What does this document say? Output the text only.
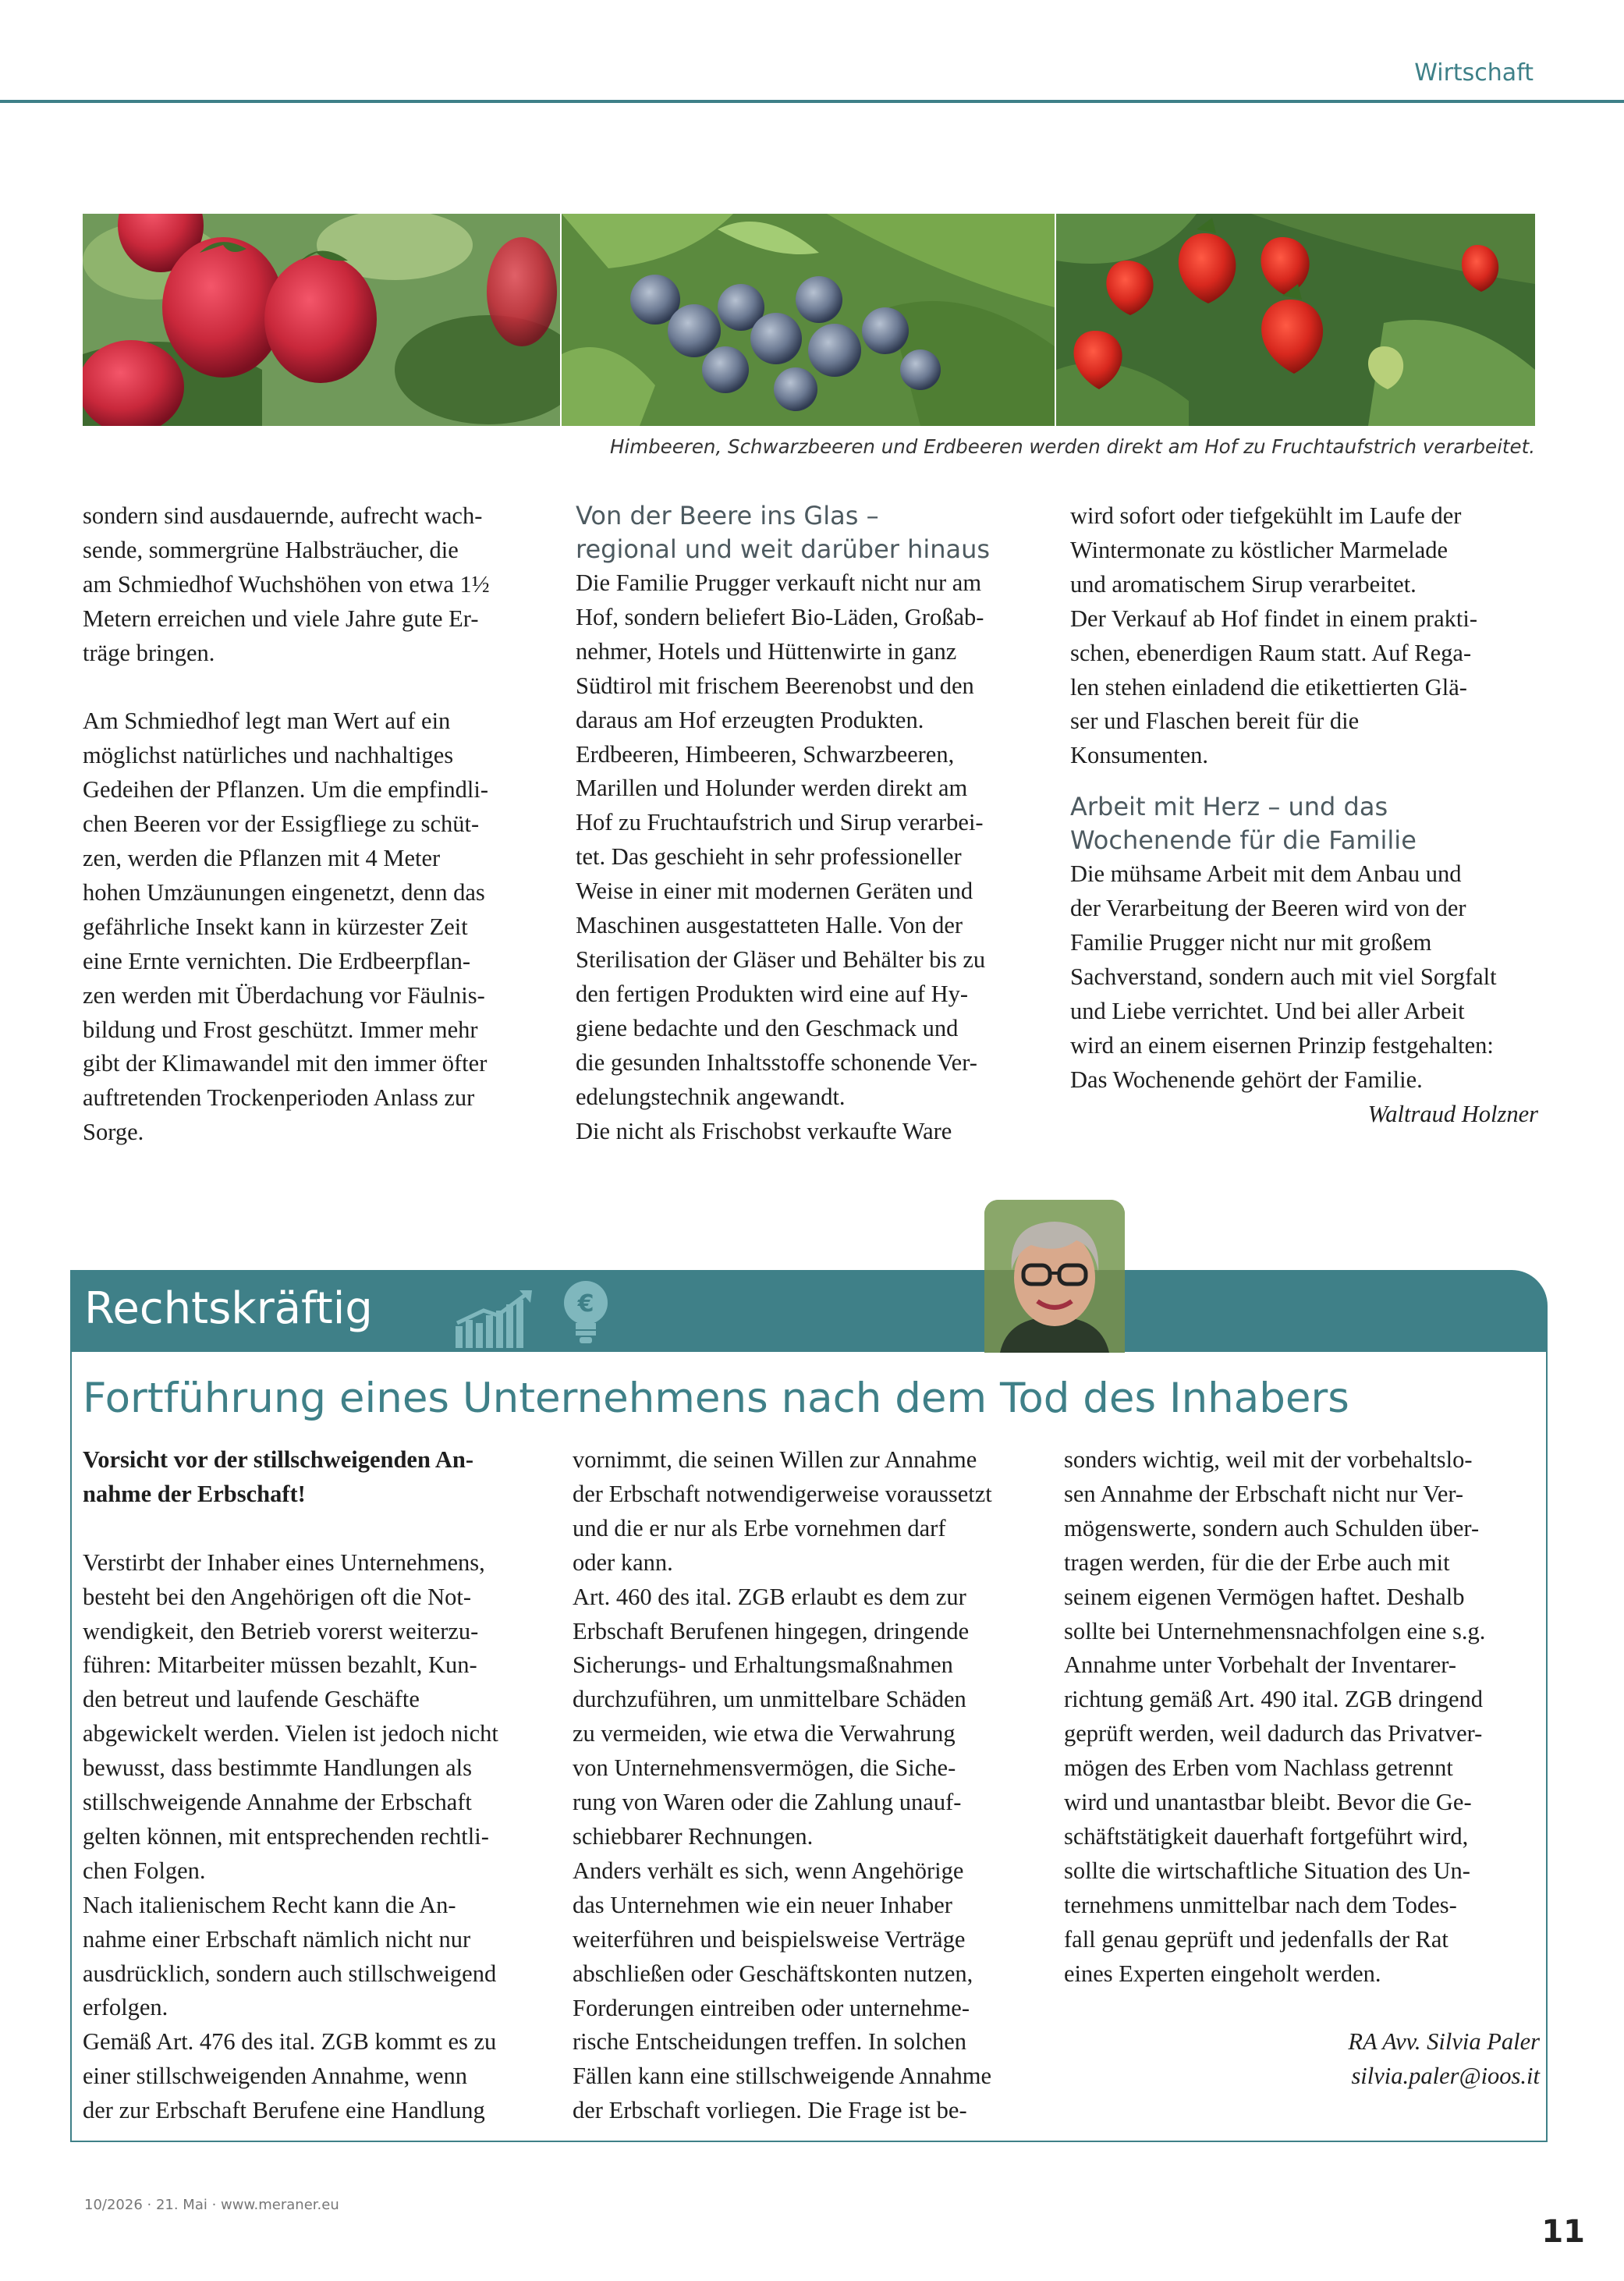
Wirtschaft
Himbeeren, Schwarzbeeren und Erdbeeren werden direkt am Hof zu Fruchtaufstrich verarbeitet.

sondern sind ausdauernde, aufrecht wach-

sende, sommergrüne Halbsträucher, die

am Schmiedhof Wuchshöhen von etwa 1½

Metern erreichen und viele Jahre gute Er-

träge bringen.

Am Schmiedhof legt man Wert auf ein

möglichst natürliches und nachhaltiges

Gedeihen der Pflanzen. Um die empfindli-

chen Beeren vor der Essigfliege zu schüt-

zen, werden die Pflanzen mit 4 Meter

hohen Umzäunungen eingenetzt, denn das

gefährliche Insekt kann in kürzester Zeit

eine Ernte vernichten. Die Erdbeerpflan-

zen werden mit Überdachung vor Fäulnis-

bildung und Frost geschützt. Immer mehr

gibt der Klimawandel mit den immer öfter

auftretenden Trockenperioden Anlass zur

Sorge.

Von der Beere ins Glas –
regional und weit darüber hinaus

Die Familie Prugger verkauft nicht nur am

Hof, sondern beliefert Bio-Läden, Großab-

nehmer, Hotels und Hüttenwirte in ganz

Südtirol mit frischem Beerenobst und den

daraus am Hof erzeugten Produkten.

Erdbeeren, Himbeeren, Schwarzbeeren,

Marillen und Holunder werden direkt am

Hof zu Fruchtaufstrich und Sirup verarbei-

tet. Das geschieht in sehr professioneller

Weise in einer mit modernen Geräten und

Maschinen ausgestatteten Halle. Von der

Sterilisation der Gläser und Behälter bis zu

den fertigen Produkten wird eine auf Hy-

giene bedachte und den Geschmack und

die gesunden Inhaltsstoffe schonende Ver-

edelungstechnik angewandt.

Die nicht als Frischobst verkaufte Ware

wird sofort oder tiefgekühlt im Laufe der

Wintermonate zu köstlicher Marmelade

und aromatischem Sirup verarbeitet.

Der Verkauf ab Hof findet in einem prakti-

schen, ebenerdigen Raum statt. Auf Rega-

len stehen einladend die etikettierten Glä-

ser und Flaschen bereit für die

Konsumenten.

Arbeit mit Herz – und das
Wochenende für die Familie

Die mühsame Arbeit mit dem Anbau und

der Verarbeitung der Beeren wird von der

Familie Prugger nicht nur mit großem

Sachverstand, sondern auch mit viel Sorgfalt

und Liebe verrichtet. Und bei aller Arbeit

wird an einem eisernen Prinzip festgehalten:

Das Wochenende gehört der Familie.

Waltraud Holzner

Rechtskräftig	€
Fortführung eines Unternehmens nach dem Tod des Inhabers
Vorsicht vor der stillschweigenden An-
nahme der Erbschaft!

Verstirbt der Inhaber eines Unternehmens,

besteht bei den Angehörigen oft die Not-

wendigkeit, den Betrieb vorerst weiterzu-

führen: Mitarbeiter müssen bezahlt, Kun-

den betreut und laufende Geschäfte

abgewickelt werden. Vielen ist jedoch nicht

bewusst, dass bestimmte Handlungen als

stillschweigende Annahme der Erbschaft

gelten können, mit entsprechenden rechtli-

chen Folgen.

Nach italienischem Recht kann die An-

nahme einer Erbschaft nämlich nicht nur

ausdrücklich, sondern auch stillschweigend

erfolgen.

Gemäß Art. 476 des ital. ZGB kommt es zu

einer stillschweigenden Annahme, wenn

der zur Erbschaft Berufene eine Handlung

vornimmt, die seinen Willen zur Annahme

der Erbschaft notwendigerweise voraussetzt

und die er nur als Erbe vornehmen darf

oder kann.

Art. 460 des ital. ZGB erlaubt es dem zur

Erbschaft Berufenen hingegen, dringende

Sicherungs- und Erhaltungsmaßnahmen

durchzuführen, um unmittelbare Schäden

zu vermeiden, wie etwa die Verwahrung

von Unternehmensvermögen, die Siche-

rung von Waren oder die Zahlung unauf-

schiebbarer Rechnungen.

Anders verhält es sich, wenn Angehörige

das Unternehmen wie ein neuer Inhaber

weiterführen und beispielsweise Verträge

abschließen oder Geschäftskonten nutzen,

Forderungen eintreiben oder unternehme-

rische Entscheidungen treffen. In solchen

Fällen kann eine stillschweigende Annahme

der Erbschaft vorliegen. Die Frage ist be-

sonders wichtig, weil mit der vorbehaltslo-

sen Annahme der Erbschaft nicht nur Ver-

mögenswerte, sondern auch Schulden über-

tragen werden, für die der Erbe auch mit

seinem eigenen Vermögen haftet. Deshalb

sollte bei Unternehmensnachfolgen eine s.g.

Annahme unter Vorbehalt der Inventarer-

richtung gemäß Art. 490 ital. ZGB dringend

geprüft werden, weil dadurch das Privatver-

mögen des Erben vom Nachlass getrennt

wird und unantastbar bleibt. Bevor die Ge-

schäftstätigkeit dauerhaft fortgeführt wird,

sollte die wirtschaftliche Situation des Un-

ternehmens unmittelbar nach dem Todes-

fall genau geprüft und jedenfalls der Rat

eines Experten eingeholt werden.

RA Avv. Silvia Paler

silvia.paler@ioos.it

10/2026 · 21. Mai · www.meraner.eu
11
